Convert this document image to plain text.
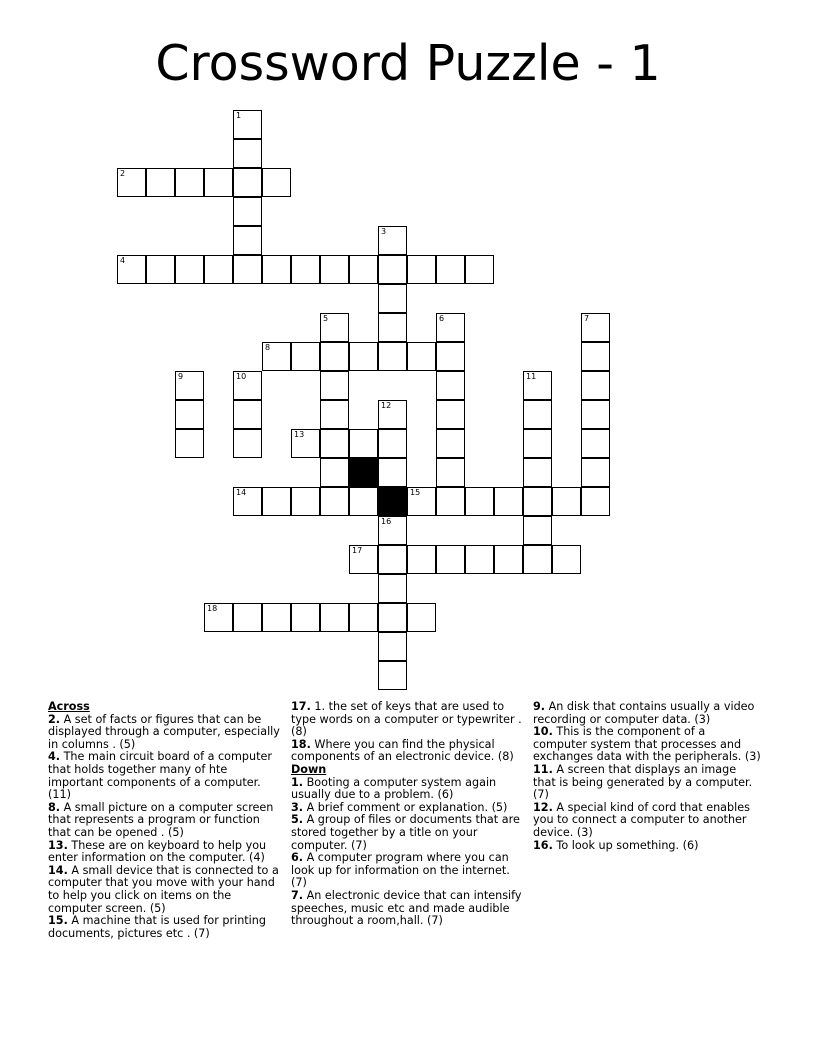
Crossword Puzzle - 1
1
2
3
4
5	6	7
8
9	10	11
12
13
14	15
16
17
18

Across

2. A set of facts or figures that can be displayed through a computer, especially in columns . (5)

4. The main circuit board of a computer that holds together many of hte important components of a computer. (11)

8. A small picture on a computer screen that represents a program or function that can be opened . (5)

13. These are on keyboard to help you enter information on the computer. (4)

14. A small device that is connected to a computer that you move with your hand to help you click on items on the computer screen. (5)

15. A machine that is used for printing documents, pictures etc . (7)

17. 1. the set of keys that are used to type words on a computer or typewriter . (8)

18. Where you can find the physical components of an electronic device. (8)

Down

1. Booting a computer system again usually due to a problem. (6)

3. A brief comment or explanation. (5)

5. A group of files or documents that are stored together by a title on your computer. (7)

6. A computer program where you can look up for information on the internet. (7)

7. An electronic device that can intensify speeches, music etc and made audible throughout a room,hall. (7)

9. An disk that contains usually a video recording or computer data. (3)

10. This is the component of a computer system that processes and exchanges data with the peripherals. (3)

11. A screen that displays an image that is being generated by a computer. (7)

12. A special kind of cord that enables you to connect a computer to another device. (3)

16. To look up something. (6)
